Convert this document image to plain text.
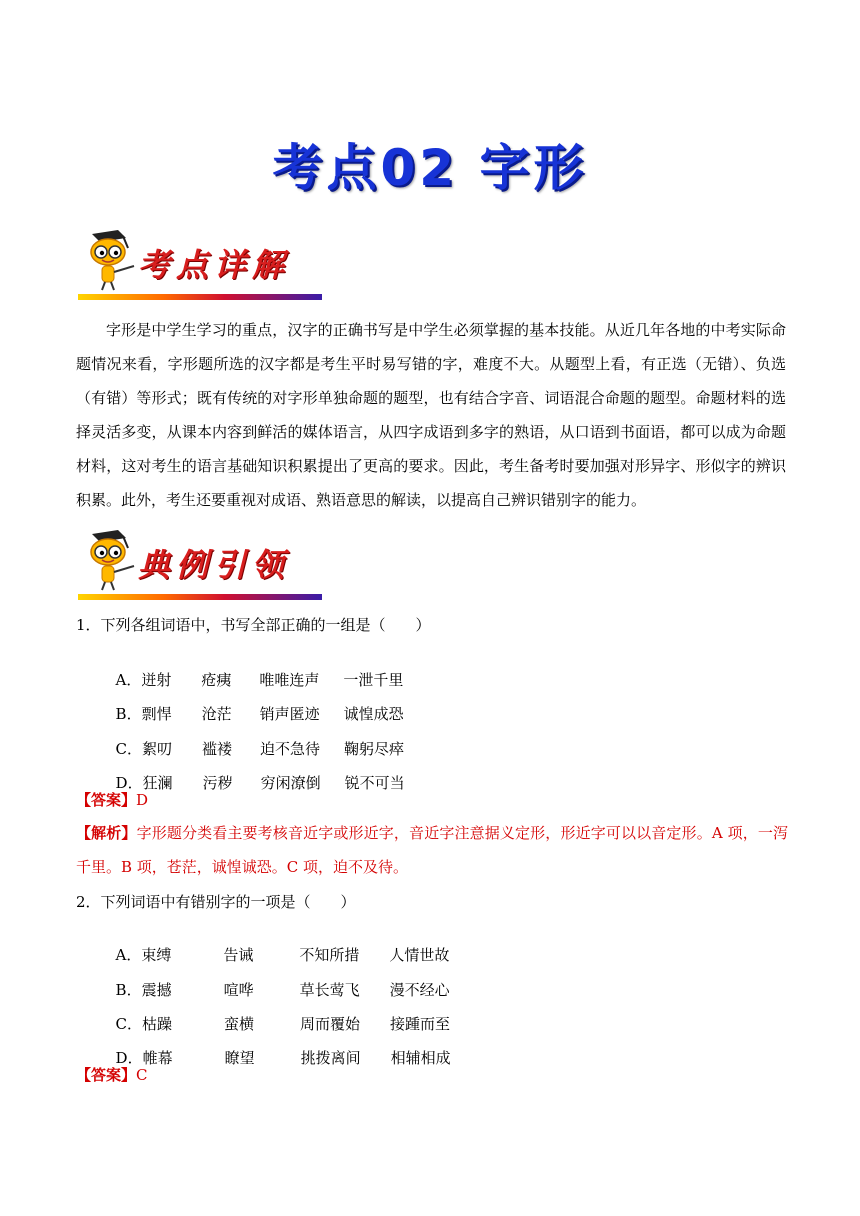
考点02 字形
考点详解
字形是中学生学习的重点，汉字的正确书写是中学生必须掌握的基本技能。从近几年各地的中考实际命题情况来看，字形题所选的汉字都是考生平时易写错的字，难度不大。从题型上看，有正选（无错）、负选（有错）等形式；既有传统的对字形单独命题的题型，也有结合字音、词语混合命题的题型。命题材料的选择灵活多变，从课本内容到鲜活的媒体语言，从四字成语到多字的熟语，从口语到书面语，都可以成为命题材料，这对考生的语言基础知识积累提出了更高的要求。因此，考生备考时要加强对形异字、形似字的辨识积累。此外，考生还要重视对成语、熟语意思的解读，以提高自己辨识错别字的能力。
典例引领
1．下列各组词语中，书写全部正确的一组是（　　）

A．迸射 疮痍 唯唯连声 一泄千里

B．剽悍 沧茫 销声匿迹 诚惶成恐

C．絮叨 褴褛 迫不急待 鞠躬尽瘁

D．狂澜 污秽 穷闲潦倒 锐不可当

【答案】D
【解析】字形题分类看主要考核音近字或形近字，音近字注意据义定形，形近字可以以音定形。A 项，一泻千里。B 项，苍茫，诚惶诚恐。C 项，迫不及待。
2．下列词语中有错别字的一项是（　　）

A．束缚	告诫	不知所措 人情世故

B．震撼	喧哗	草长莺飞 漫不经心

C．枯躁	蛮横	周而覆始 接踵而至

D．帷幕	瞭望	挑拨离间 相辅相成

【答案】C
